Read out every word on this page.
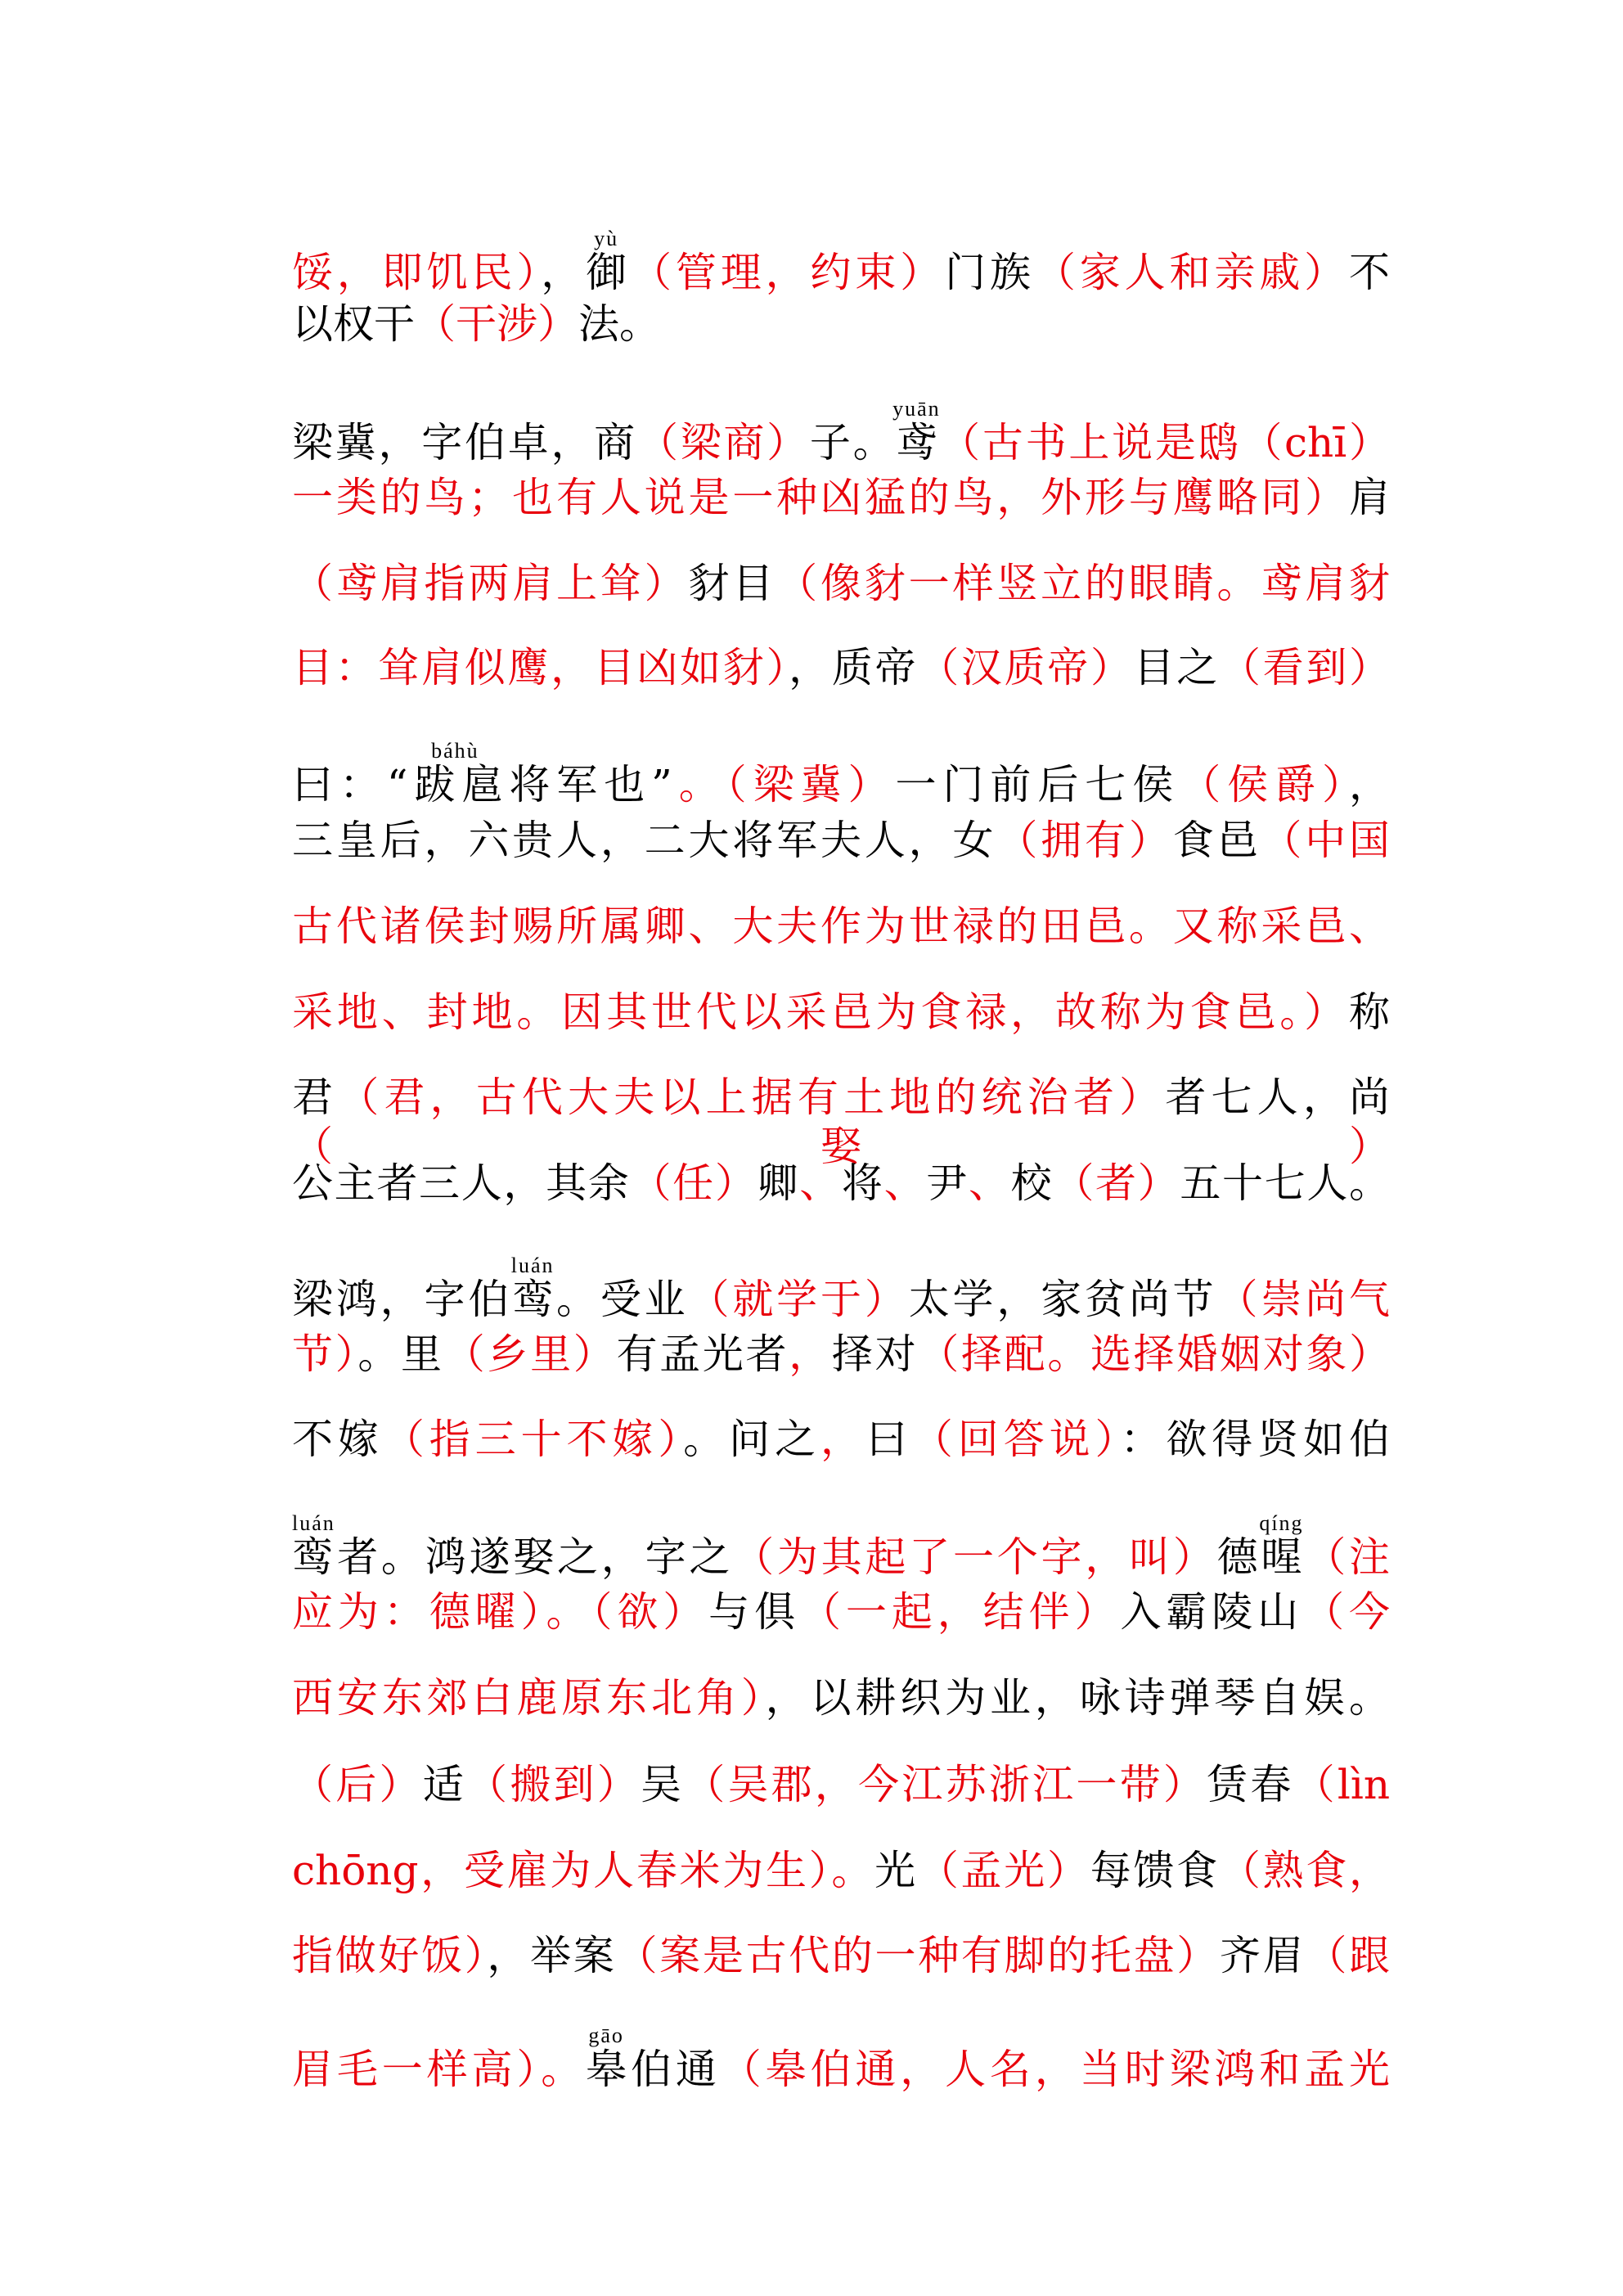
馁，即饥民），御yù（管理，约束）门族（家人和亲戚）不
以权干（干涉）法。
梁冀，字伯卓，商（梁商）子。鸢yuān（古书上说是鸱（chī）
一类的鸟；也有人说是一种凶猛的鸟，外形与鹰略同）肩
（鸢肩指两肩上耸）豺目（像豺一样竖立的眼睛。鸢肩豺
目：耸肩似鹰，目凶如豺），质帝（汉质帝）目之（看到）
曰：“跋扈báhù将军也”。（梁冀）一门前后七侯（侯爵），
三皇后，六贵人，二大将军夫人，女（拥有）食邑（中国
古代诸侯封赐所属卿、大夫作为世禄的田邑。又称采邑、
采地、封地。因其世代以采邑为食禄，故称为食邑。）称
君（君，古代大夫以上据有土地的统治者）者七人，尚（娶）
公主者三人，其余（任）卿、将、尹、校（者）五十七人。
梁鸿，字伯鸾luán。受业（就学于）太学，家贫尚节（崇尚气
节）。里（乡里）有孟光者，择对（择配。选择婚姻对象）
不嫁（指三十不嫁）。问之，曰（回答说）：欲得贤如伯
鸾luán者。鸿遂娶之，字之（为其起了一个字，叫）德暒qíng（注
应为：德曜）。（欲）与俱（一起，结伴）入霸陵山（今
西安东郊白鹿原东北角），以耕织为业，咏诗弹琴自娱。
（后）适（搬到）吴（吴郡，今江苏浙江一带）赁春（lìn
chōng，受雇为人春米为生）。光（孟光）每馈食（熟食，
指做好饭），举案（案是古代的一种有脚的托盘）齐眉（跟
眉毛一样高）。皋gāo伯通（皋伯通，人名，当时梁鸿和孟光
